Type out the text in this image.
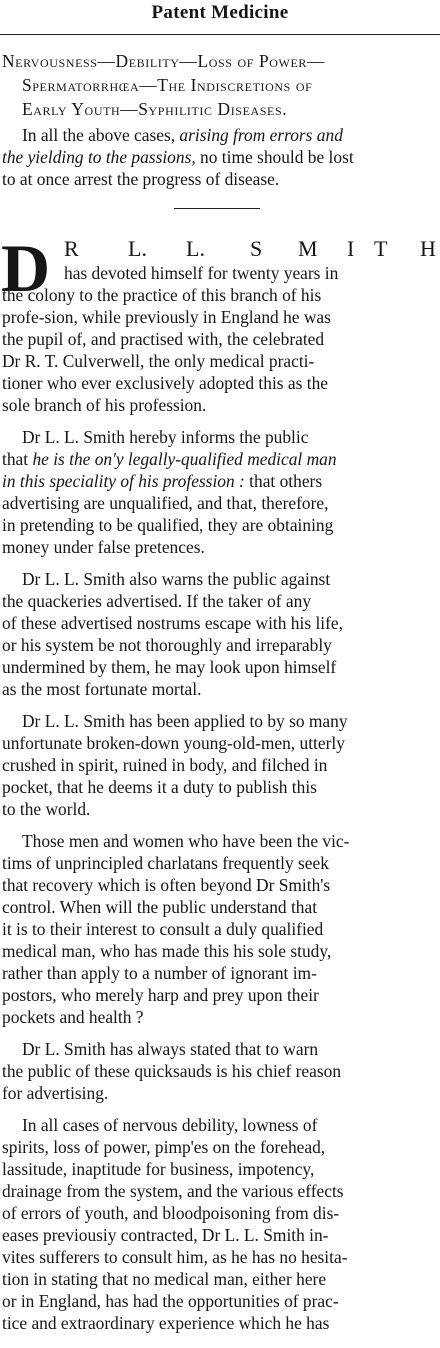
Patent Medicine
Nervousness—Debility—Loss of Power—
Spermatorrhœa—The Indiscretions of
Early Youth—Syphilitic Diseases.
In all the above cases, arising from errors and
the yielding to the passions, no time should be lost
to at once arrest the progress of disease.
D R L. L. S M I T H
has devoted himself for twenty years in
the colony to the practice of this branch of his
profe-sion, while previously in England he was
the pupil of, and practised with, the celebrated
Dr R. T. Culverwell, the only medical practi-
tioner who ever exclusively adopted this as the
sole branch of his profession.
Dr L. L. Smith hereby informs the public
that he is the on'y legally-qualified medical man
in this speciality of his profession : that others
advertising are unqualified, and that, therefore,
in pretending to be qualified, they are obtaining
money under false pretences.
Dr L. L. Smith also warns the public against
the quackeries advertised. If the taker of any
of these advertised nostrums escape with his life,
or his system be not thoroughly and irreparably
undermined by them, he may look upon himself
as the most fortunate mortal.
Dr L. L. Smith has been applied to by so many
unfortunate broken-down young-old-men, utterly
crushed in spirit, ruined in body, and filched in
pocket, that he deems it a duty to publish this
to the world.
Those men and women who have been the vic-
tims of unprincipled charlatans frequently seek
that recovery which is often beyond Dr Smith's
control. When will the public understand that
it is to their interest to consult a duly qualified
medical man, who has made this his sole study,
rather than apply to a number of ignorant im-
postors, who merely harp and prey upon their
pockets and health ?
Dr L. Smith has always stated that to warn
the public of these quicksauds is his chief reason
for advertising.
In all cases of nervous debility, lowness of
spirits, loss of power, pimp'es on the forehead,
lassitude, inaptitude for business, impotency,
drainage from the system, and the various effects
of errors of youth, and bloodpoisoning from dis-
eases previousiy contracted, Dr L. L. Smith in-
vites sufferers to consult him, as he has no hesita-
tion in stating that no medical man, either here
or in England, has had the opportunities of prac-
tice and extraordinary experience which he has
